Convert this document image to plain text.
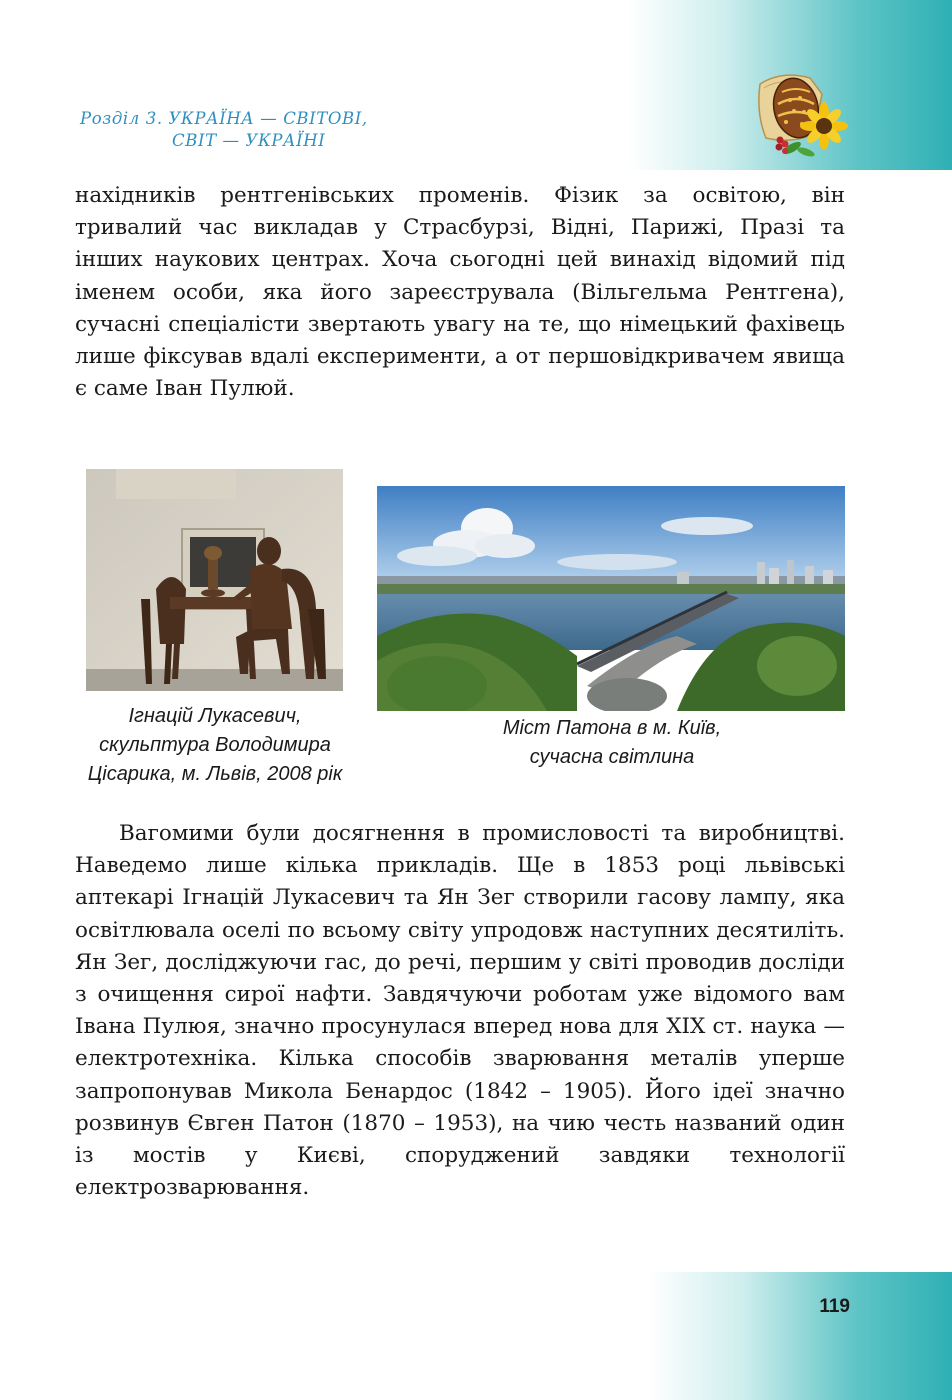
Розділ 3. УКРАЇНА — СВІТОВІ,
СВІТ — УКРАЇНІ
нахідників рентгенівських променів. Фізик за освітою, він тривалий час викладав у Страсбурзі, Відні, Парижі, Празі та інших наукових центрах. Хоча сьогодні цей винахід відомий під іменем особи, яка його зареєструвала (Вільгельма Рентгена), сучасні спеціалісти звертають увагу на те, що німецький фахівець лише фіксував вдалі експерименти, а от першовідкривачем явища є саме Іван Пулюй.
Ігнацій Лукасевич,
скульптура Володимира
Цісарика, м. Львів, 2008 рік
Міст Патона в м. Київ,
сучасна світлина
Вагомими були досягнення в промисловості та виробництві. Наведемо лише кілька прикладів. Ще в 1853 році львівські аптекарі Ігнацій Лукасевич та Ян Зег створили гасову лампу, яка освітлювала оселі по всьому світу упродовж наступних десятиліть. Ян Зег, досліджуючи гас, до речі, першим у світі проводив досліди з очищення сирої нафти. Завдячуючи роботам уже відомого вам Івана Пулюя, значно просунулася вперед нова для XIX ст. наука — електротехніка. Кілька способів зварювання металів уперше запропонував Микола Бенардос (1842 – 1905). Його ідеї значно розвинув Євген Патон (1870 – 1953), на чию честь названий один із мостів у Києві, споруджений завдяки технології електрозварювання.
119
